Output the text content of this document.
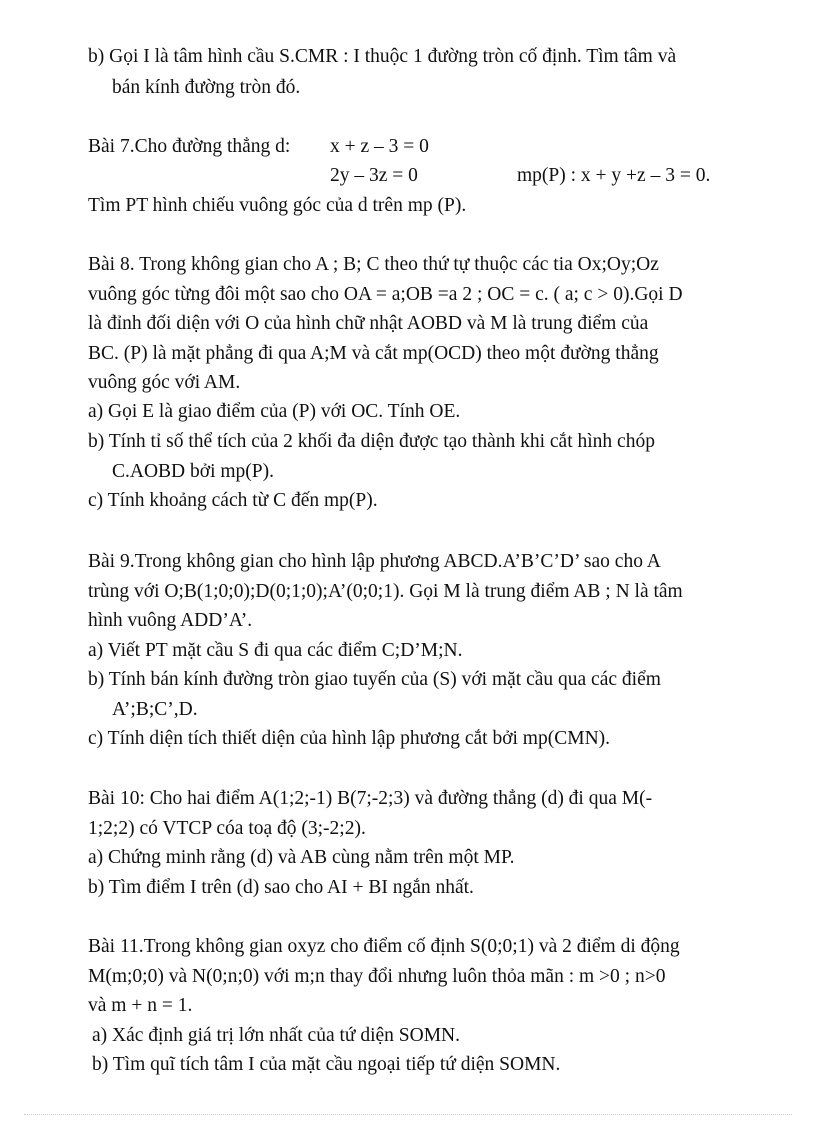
b) Gọi I là tâm hình cầu S.CMR : I thuộc 1 đường tròn cố định. Tìm tâm và

bán kính đường tròn đó.

Bài 7.Cho đường thẳng d: x + z – 3 = 0

2y – 3z = 0	mp(P) : x + y +z – 3 = 0.

Tìm PT hình chiếu vuông góc của d trên mp (P).

Bài 8. Trong không gian cho A ; B; C theo thứ tự thuộc các tia Ox;Oy;Oz

vuông góc từng đôi một sao cho OA = a;OB =a 2 ; OC = c. ( a; c > 0).Gọi D

là đỉnh đối diện với O của hình chữ nhật AOBD và M là trung điểm của

BC. (P) là mặt phẳng đi qua A;M và cắt mp(OCD) theo một đường thẳng

vuông góc với AM.

a) Gọi E là giao điểm của (P) với OC. Tính OE.

b) Tính tỉ số thể tích của 2 khối đa diện được tạo thành khi cắt hình chóp

C.AOBD bởi mp(P).

c) Tính khoảng cách từ C đến mp(P).

Bài 9.Trong không gian cho hình lập phương ABCD.A’B’C’D’ sao cho A

trùng với O;B(1;0;0);D(0;1;0);A’(0;0;1). Gọi M là trung điểm AB ; N là tâm

hình vuông ADD’A’.

a) Viết PT mặt cầu S đi qua các điểm C;D’M;N.

b) Tính bán kính đường tròn giao tuyến của (S) với mặt cầu qua các điểm

A’;B;C’,D.

c) Tính diện tích thiết diện của hình lập phương cắt bởi mp(CMN).

Bài 10: Cho hai điểm A(1;2;-1) B(7;-2;3) và đường thẳng (d) đi qua M(-

1;2;2) có VTCP cóa toạ độ (3;-2;2).

a) Chứng minh rằng (d) và AB cùng nằm trên một MP.

b) Tìm điểm I trên (d) sao cho AI + BI ngắn nhất.

Bài 11.Trong không gian oxyz cho điểm cố định S(0;0;1) và 2 điểm di động

M(m;0;0) và N(0;n;0) với m;n thay đổi nhưng luôn thỏa mãn : m >0 ; n>0

và m + n = 1.

a) Xác định giá trị lớn nhất của tứ diện SOMN.

b) Tìm quĩ tích tâm I của mặt cầu ngoại tiếp tứ diện SOMN.
